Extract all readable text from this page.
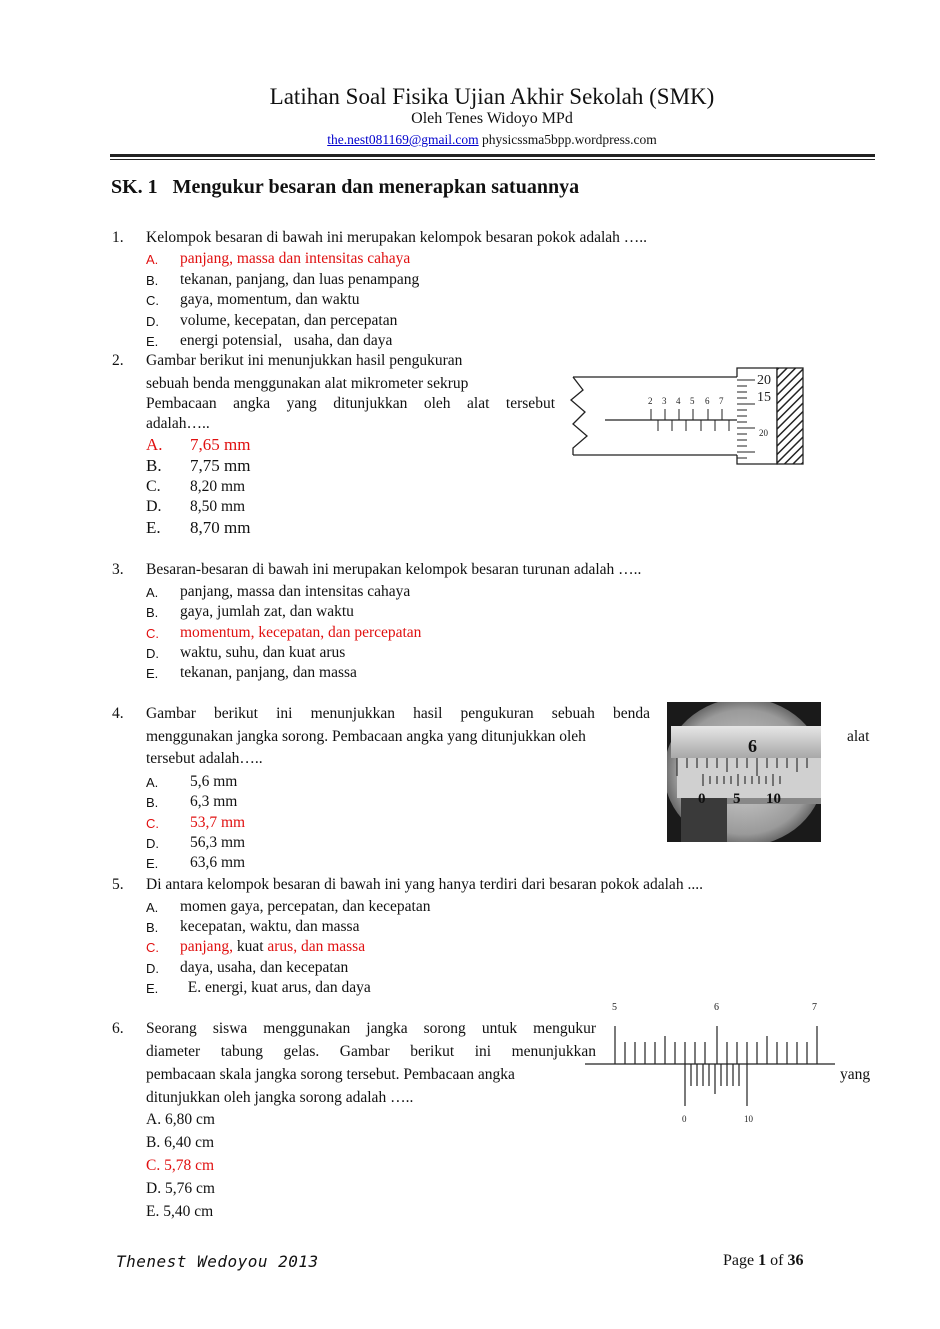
Latihan Soal Fisika Ujian Akhir Sekolah (SMK)
Oleh Tenes Widoyo MPd
the.nest081169@gmail.com physicssma5bpp.wordpress.com
SK. 1   Mengukur besaran dan menerapkan satuannya
1. Kelompok besaran di bawah ini merupakan kelompok besaran pokok adalah …..
A. panjang, massa dan intensitas cahaya
B. tekanan, panjang, dan luas penampang
C. gaya, momentum, dan waktu
D. volume, kecepatan, dan percepatan
E. energi potensial,   usaha, dan daya
2. Gambar berikut ini menunjukkan hasil pengukuran
sebuah benda menggunakan alat mikrometer sekrup
Pembacaan angka yang ditunjukkan oleh alat tersebut
adalah…..
A. 7,65 mm
B. 7,75 mm
C. 8,20 mm
D. 8,50 mm
E. 8,70 mm
2 3 4 5 6 7
20
15
20
3. Besaran-besaran di bawah ini merupakan kelompok besaran turunan adalah …..
A. panjang, massa dan intensitas cahaya
B. gaya, jumlah zat, dan waktu
C. momentum, kecepatan, dan percepatan
D. waktu, suhu, dan kuat arus
E. tekanan, panjang, dan massa
4. Gambar berikut ini menunjukkan hasil pengukuran sebuah benda
menggunakan jangka sorong. Pembacaan angka yang ditunjukkan oleh	alat
tersebut adalah…..
A. 5,6 mm
B. 6,3 mm
C. 53,7 mm
D. 56,3 mm
E. 63,6 mm
6
0 5 10
5. Di antara kelompok besaran di bawah ini yang hanya terdiri dari besaran pokok adalah ....
A. momen gaya, percepatan, dan kecepatan
B. kecepatan, waktu, dan massa
C. panjang, kuat arus, dan massa
D. daya, usaha, dan kecepatan
E. E. energi, kuat arus, dan daya
6. Seorang siswa menggunakan jangka sorong untuk mengukur
diameter tabung gelas. Gambar berikut ini menunjukkan
pembacaan skala jangka sorong tersebut. Pembacaan angka	yang
ditunjukkan oleh jangka sorong adalah …..
A. 6,80 cm
B. 6,40 cm
C. 5,78 cm
D. 5,76 cm
E. 5,40 cm
5	6	7
0	10
Thenest Wedoyou 2013	Page 1 of 36
